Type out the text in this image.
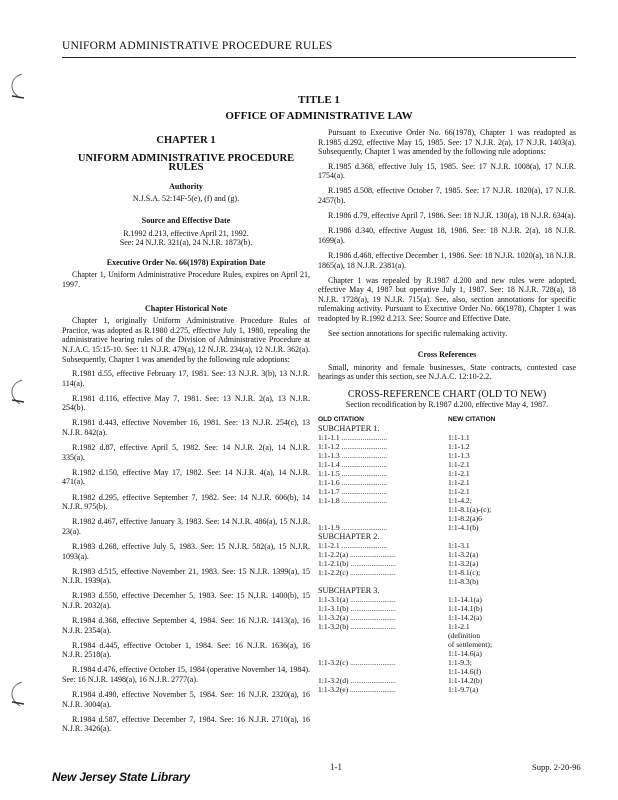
UNIFORM ADMINISTRATIVE PROCEDURE RULES
TITLE 1
OFFICE OF ADMINISTRATIVE LAW
CHAPTER 1
UNIFORM ADMINISTRATIVE PROCEDURE RULES
Authority
N.J.S.A. 52:14F-5(e), (f) and (g).
Source and Effective Date
R.1992 d.213, effective April 21, 1992.
See: 24 N.J.R. 321(a), 24 N.J.R. 1873(b).
Executive Order No. 66(1978) Expiration Date

Chapter 1, Uniform Administrative Procedure Rules, expires on April 21, 1997.

Chapter Historical Note

Chapter 1, originally Uniform Administrative Procedure Rules of Practice, was adopted as R.1980 d.275, effective July 1, 1980, repealing the administrative hearing rules of the Division of Administrative Procedure at N.J.A.C. 15:15-10. See: 11 N.J.R. 479(a), 12 N.J.R. 234(a), 12 N.J.R. 362(a). Subsequently, Chapter 1 was amended by the following rule adoptions:

R.1981 d.55, effective February 17, 1981. See: 13 N.J.R. 3(b), 13 N.J.R. 114(a).

R.1981 d.116, effective May 7, 1981. See: 13 N.J.R. 2(a), 13 N.J.R. 254(b).

R.1981 d.443, effective November 16, 1981. See: 13 N.J.R. 254(c), 13 N.J.R. 842(a).

R.1982 d.87, effective April 5, 1982. See: 14 N.J.R. 2(a), 14 N.J.R. 335(a).

R.1982 d.150, effective May 17, 1982. See: 14 N.J.R. 4(a), 14 N.J.R. 471(a).

R.1982 d.295, effective September 7, 1982. See: 14 N.J.R. 606(b), 14 N.J.R. 975(b).

R.1982 d.467, effective January 3, 1983. See: 14 N.J.R. 486(a), 15 N.J.R. 23(a).

R.1983 d.268, effective July 5, 1983. See: 15 N.J.R. 582(a), 15 N.J.R. 1093(a).

R.1983 d.515, effective November 21, 1983. See: 15 N.J.R. 1399(a), 15 N.J.R. 1939(a).

R.1983 d.550, effective December 5, 1983. See: 15 N.J.R. 1400(b), 15 N.J.R. 2032(a).

R.1984 d.368, effective September 4, 1984. See: 16 N.J.R. 1413(a), 16 N.J.R. 2354(a).

R.1984 d.445, effective October 1, 1984. See: 16 N.J.R. 1636(a), 16 N.J.R. 2518(a).

R.1984 d.476, effective October 15, 1984 (operative November 14, 1984). See: 16 N.J.R. 1498(a), 16 N.J.R. 2777(a).

R.1984 d.490, effective November 5, 1984. See: 16 N.J.R. 2320(a), 16 N.J.R. 3004(a).

R.1984 d.587, effective December 7, 1984. See: 16 N.J.R. 2710(a), 16 N.J.R. 3426(a).

Pursuant to Executive Order No. 66(1978), Chapter 1 was readopted as R.1985 d.292, effective May 15, 1985. See: 17 N.J.R. 2(a), 17 N.J.R. 1403(a). Subsequently, Chapter 1 was amended by the following rule adoptions:

R.1985 d.368, effective July 15, 1985. See: 17 N.J.R. 1008(a), 17 N.J.R. 1754(a).

R.1985 d.508, effective October 7, 1985. See: 17 N.J.R. 1820(a), 17 N.J.R. 2457(b).

R.1986 d.79, effective April 7, 1986. See: 18 N.J.R. 130(a), 18 N.J.R. 634(a).

R.1986 d.340, effective August 18, 1986. See: 18 N.J.R. 2(a), 18 N.J.R. 1699(a).

R.1986 d.468, effective December 1, 1986. See: 18 N.J.R. 1020(a), 18 N.J.R. 1865(a), 18 N.J.R. 2381(a).

Chapter 1 was repealed by R.1987 d.200 and new rules were adopted, effective May 4, 1987 but operative July 1, 1987. See: 18 N.J.R. 728(a), 18 N.J.R. 1728(a), 19 N.J.R. 715(a). See, also, section annotations for specific rulemaking activity. Pursuant to Executive Order No. 66(1978), Chapter 1 was readopted by R.1992 d.213. See: Source and Effective Date.

See section annotations for specific rulemaking activity.

Cross References

Small, minority and female businesses, State contracts, contested case hearings as under this section, see N.J.A.C. 12:10-2.2.

CROSS-REFERENCE CHART (OLD TO NEW)
Section recodification by R.1987 d.200, effective May 4, 1987.
OLD CITATION	NEW CITATION
SUBCHAPTER 1.	
1:1-1.1 .....	1:1-1.1
1:1-1.2 .....	1:1-1.2
1:1-1.3 .....	1:1-1.3
1:1-1.4 .....	1:1-2.1
1:1-1.5 .....	1:1-2.1
1:1-1.6 .....	1:1-2.1
1:1-1.7 .....	1:1-2.1
1:1-1.8 .....	1:1-4.2;
	1:1-8.1(a)-(c);
	1:1-8.2(a)6
1:1-1.9 .....	1:1-4.1(b)
SUBCHAPTER 2.	
1:1-2.1 .....	1:1-3.1
1:1-2.2(a) .....	1:1-3.2(a)
1:1-2.1(b) .....	1:1-3.2(a)
1:1-2.2(c) .....	1:1-8.1(c);
	1:1-8.3(b)
SUBCHAPTER 3.	
1:1-3.1(a) .....	1:1-14.1(a)
1:1-3.1(b) .....	1:1-14.1(b)
1:1-3.2(a) .....	1:1-14.2(a)
1:1-3.2(b) .....	1:1-2.1
	(definition
	of settlement);
	1:1-14.6(a)
1:1-3.2(c) .....	1:1-9.3;
	1:1-14.6(f)
1:1-3.2(d) .....	1:1-14.2(b)
1:1-3.2(e) .....	1:1-9.7(a)
New Jersey State Library
1-1	Supp. 2-20-96
